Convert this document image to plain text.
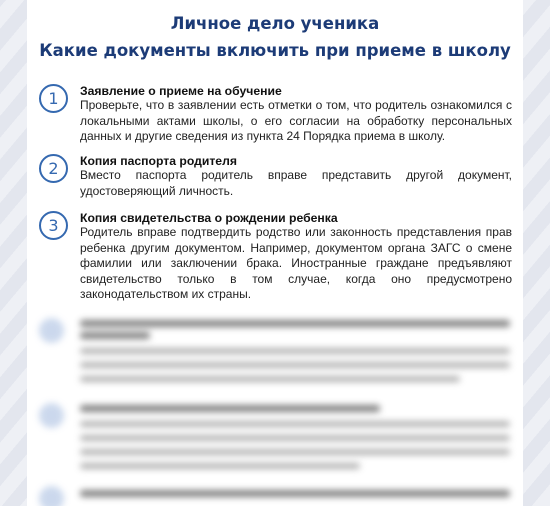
Личное дело ученика
Какие документы включить при приеме в школу
1	Заявление о приеме на обучение
Проверьте, что в заявлении есть отметки о том, что родитель ознакомился с локальными актами школы, о его согласии на обработку персональных данных и другие сведения из пункта 24 Порядка приема в школу.
2	Копия паспорта родителя
Вместо паспорта родитель вправе представить другой документ, удостоверяющий личность.
3	Копия свидетельства о рождении ребенка
Родитель вправе подтвердить родство или законность представления прав ребенка другим документом. Например, документом органа ЗАГС о смене фамилии или заключении брака. Иностранные граждане предъявляют свидетельство только в том случае, когда оно предусмотрено законодательством их страны.
